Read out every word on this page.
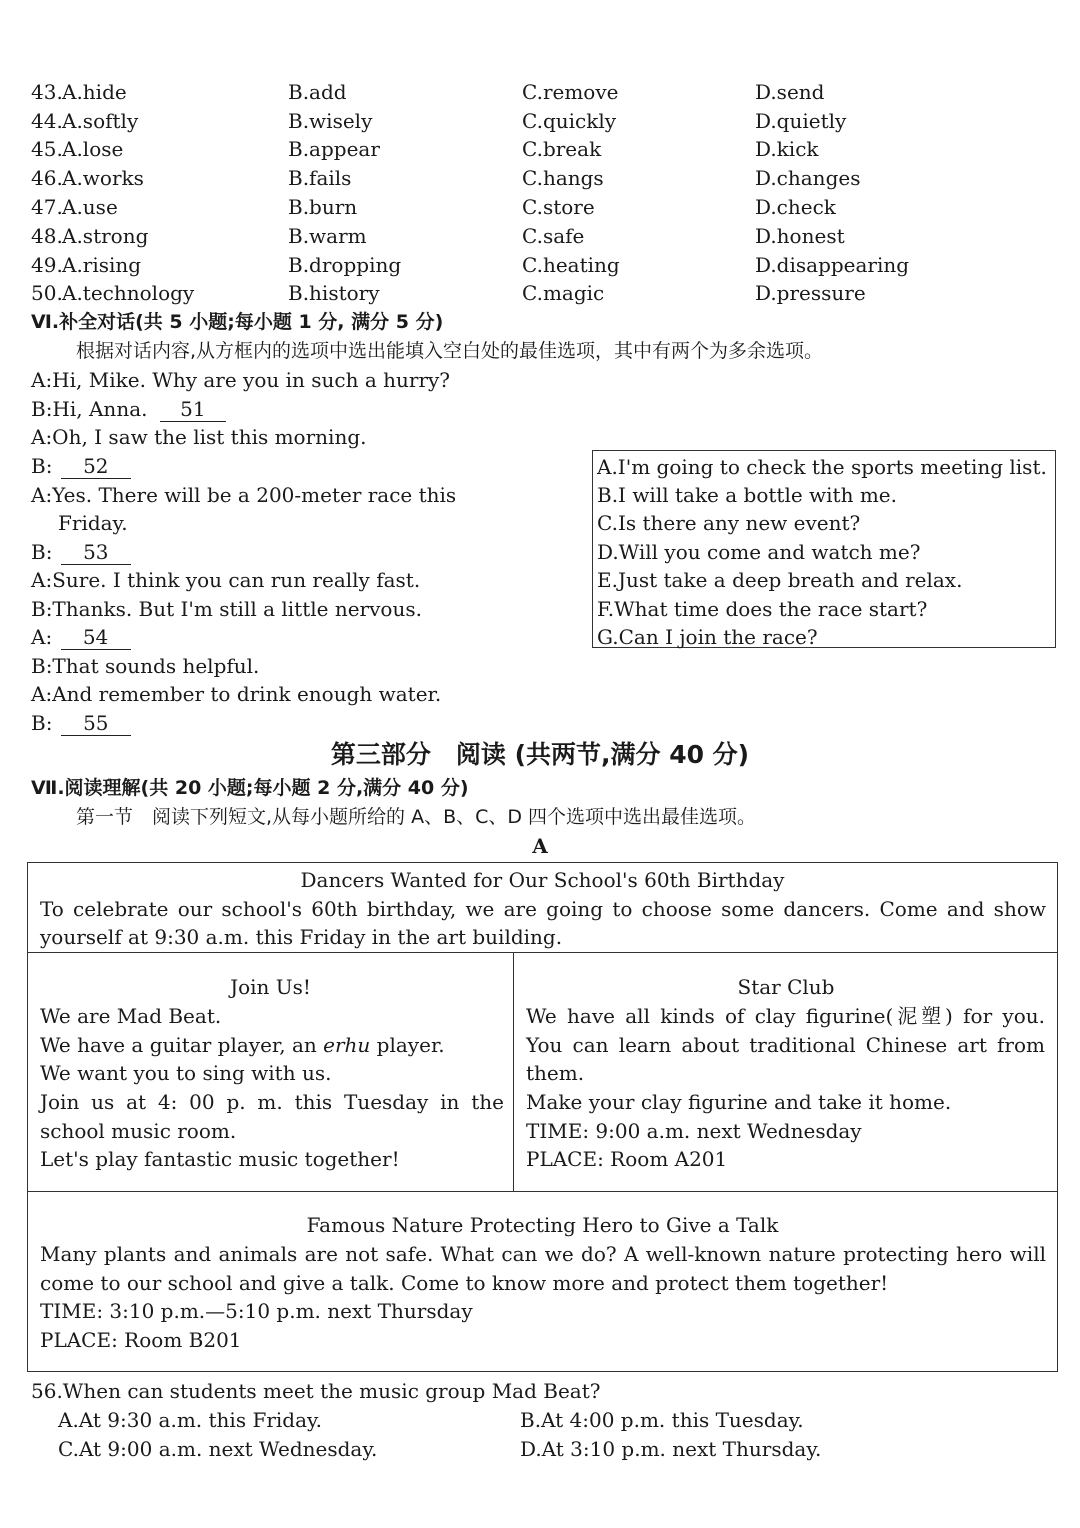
43. A.hide	B.add	C.remove	D.send
44. A.softly	B.wisely	C.quickly	D.quietly
45. A.lose	B.appear	C.break	D.kick
46. A.works	B.fails	C.hangs	D.changes
47. A.use	B.burn	C.store	D.check
48. A.strong	B.warm	C.safe	D.honest
49. A.rising	B.dropping	C.heating	D.disappearing
50. A.technology	B.history	C.magic	D.pressure
Ⅵ.补全对话(共 5 小题;每小题 1 分, 满分 5 分)
根据对话内容,从方框内的选项中选出能填入空白处的最佳选项，其中有两个为多余选项。
A:Hi, Mike. Why are you in such a hurry?
B:Hi, Anna. 51
A:Oh, I saw the list this morning.
B: 52
A:Yes. There will be a 200-meter race this
Friday.
B: 53
A:Sure. I think you can run really fast.
B:Thanks. But I'm still a little nervous.
A: 54
B:That sounds helpful.
A:And remember to drink enough water.
B: 55
A.I'm going to check the sports meeting list.
B.I will take a bottle with me.
C.Is there any new event?
D.Will you come and watch me?
E.Just take a deep breath and relax.
F.What time does the race start?
G.Can I join the race?
第三部分　阅读 (共两节,满分 40 分)
Ⅶ.阅读理解(共 20 小题;每小题 2 分,满分 40 分)
第一节　阅读下列短文,从每小题所给的 A、B、C、D 四个选项中选出最佳选项。
A
Dancers Wanted for Our School's 60th Birthday
To celebrate our school's 60th birthday, we are going to choose some dancers. Come and show
yourself at 9:30 a.m. this Friday in the art building.
Join Us!
We are Mad Beat.
We have a guitar player, an erhu player.
We want you to sing with us.
Join us at 4: 00 p. m. this Tuesday in the
school music room.
Let's play fantastic music together!
Star Club
We have all kinds of clay figurine(泥塑) for you.
You can learn about traditional Chinese art from
them.
Make your clay figurine and take it home.
TIME: 9:00 a.m. next Wednesday
PLACE: Room A201
Famous Nature Protecting Hero to Give a Talk
Many plants and animals are not safe. What can we do? A well-known nature protecting hero will
come to our school and give a talk. Come to know more and protect them together!
TIME: 3:10 p.m.—5:10 p.m. next Thursday
PLACE: Room B201
56.When can students meet the music group Mad Beat?
A.At 9:30 a.m. this Friday.	B.At 4:00 p.m. this Tuesday.
C.At 9:00 a.m. next Wednesday.	D.At 3:10 p.m. next Thursday.
